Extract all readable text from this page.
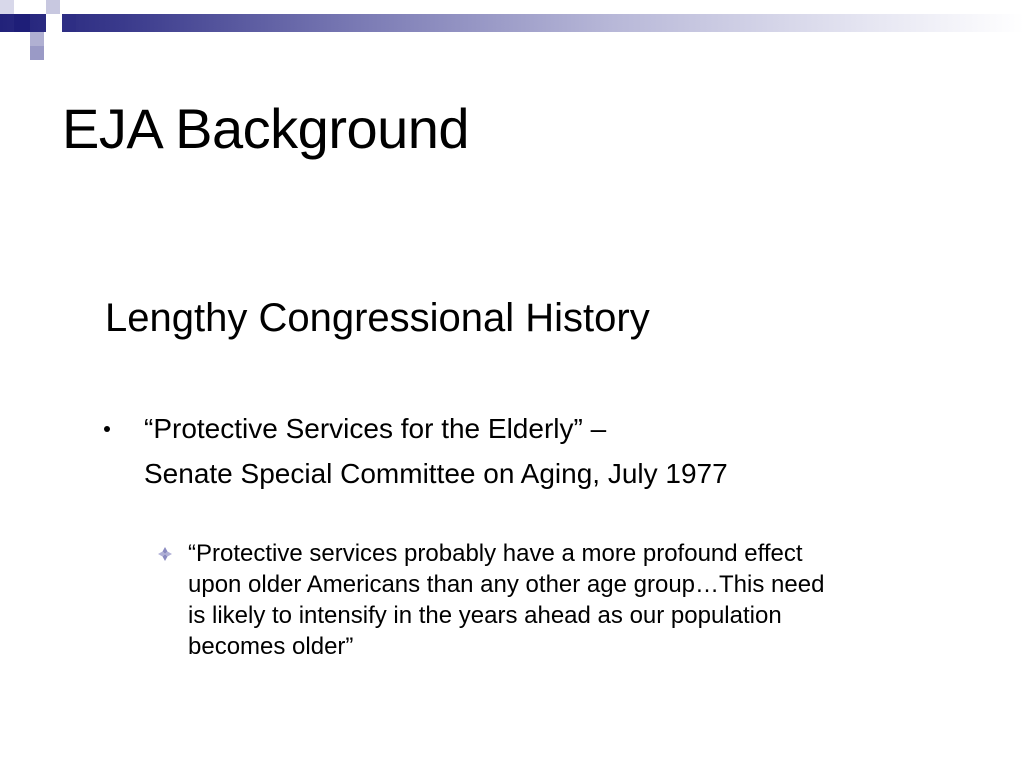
EJA Background
Lengthy Congressional History
“Protective Services for the Elderly” –
Senate Special Committee on Aging, July 1977
“Protective services probably have a more profound effect
upon older Americans than any other age group…This need
is likely to intensify in the years ahead as our population
becomes older”
